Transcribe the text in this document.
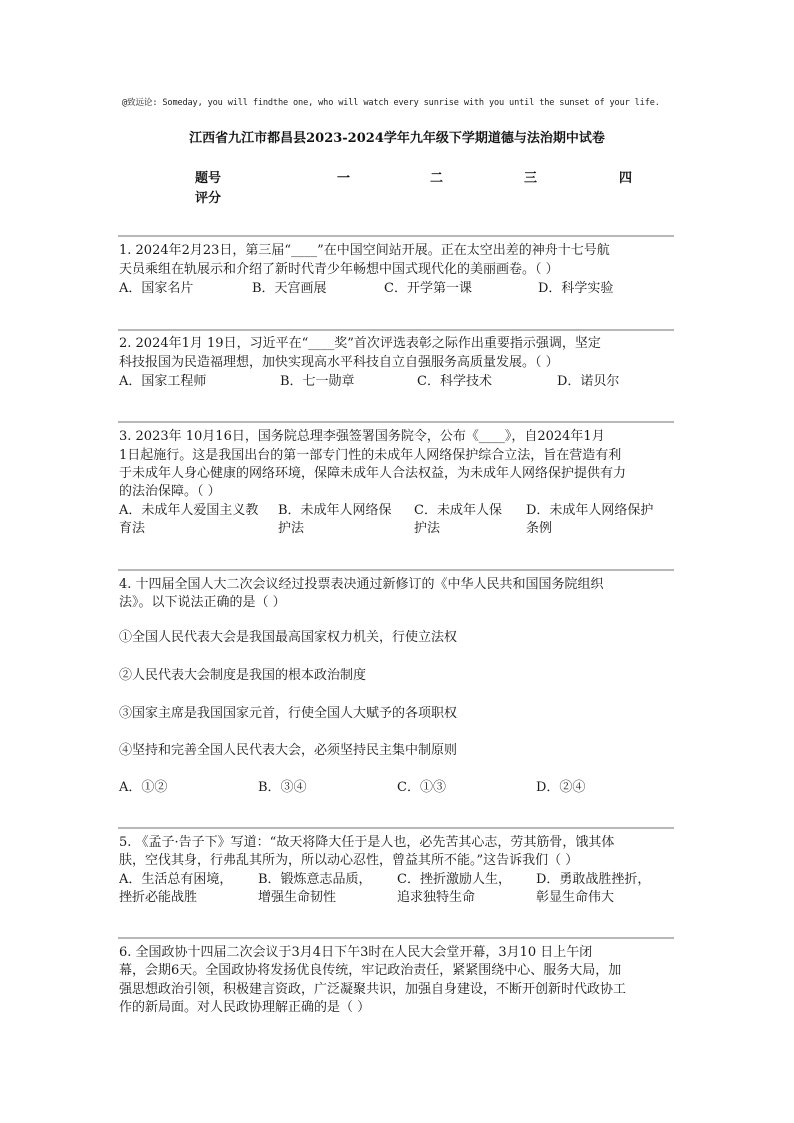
@致远论: Someday, you will findthe one, who will watch every sunrise with you until the sunset of your life.
江西省九江市都昌县2023-2024学年九年级下学期道德与法治期中试卷
题号	一	二	三	四
评分
1. 2024年2月23日，第三届“____”在中国空间站开展。正在太空出差的神舟十七号航
天员乘组在轨展示和介绍了新时代青少年畅想中国式现代化的美丽画卷。（ ）
A．国家名片	B．天宫画展	C．开学第一课	D．科学实验
2. 2024年1月 19日，习近平在“____奖”首次评选表彰之际作出重要指示强调，坚定
科技报国为民造福理想，加快实现高水平科技自立自强服务高质量发展。（ ）
A．国家工程师	B．七一勋章	C．科学技术	D．诺贝尔
3. 2023年 10月16日，国务院总理李强签署国务院令，公布《____》，自2024年1月
1日起施行。这是我国出台的第一部专门性的未成年人网络保护综合立法，旨在营造有利
于未成年人身心健康的网络环境，保障未成年人合法权益，为未成年人网络保护提供有力
的法治保障。（ ）
A．未成年人爱国主义教
育法
B．未成年人网络保
护法
C．未成年人保
护法
D．未成年人网络保护
条例
4. 十四届全国人大二次会议经过投票表决通过新修订的《中华人民共和国国务院组织
法》。以下说法正确的是（ ）
①全国人民代表大会是我国最高国家权力机关，行使立法权
②人民代表大会制度是我国的根本政治制度
③国家主席是我国国家元首，行使全国人大赋予的各项职权
④坚持和完善全国人民代表大会，必须坚持民主集中制原则
A．①②	B．③④	C．①③	D．②④
5. 《孟子·告子下》写道：“故天将降大任于是人也，必先苦其心志，劳其筋骨，饿其体
肤，空伐其身，行弗乱其所为，所以动心忍性，曾益其所不能。”这告诉我们（ ）
A．生活总有困境，
挫折必能战胜
B．锻炼意志品质，
增强生命韧性
C．挫折激励人生，
追求独特生命
D．勇敢战胜挫折，
彰显生命伟大
6. 全国政协十四届二次会议于3月4日下午3时在人民大会堂开幕，3月10 日上午闭
幕，会期6天。全国政协将发扬优良传统，牢记政治责任，紧紧围绕中心、服务大局，加
强思想政治引领，积极建言资政，广泛凝聚共识，加强自身建设，不断开创新时代政协工
作的新局面。对人民政协理解正确的是（ ）
